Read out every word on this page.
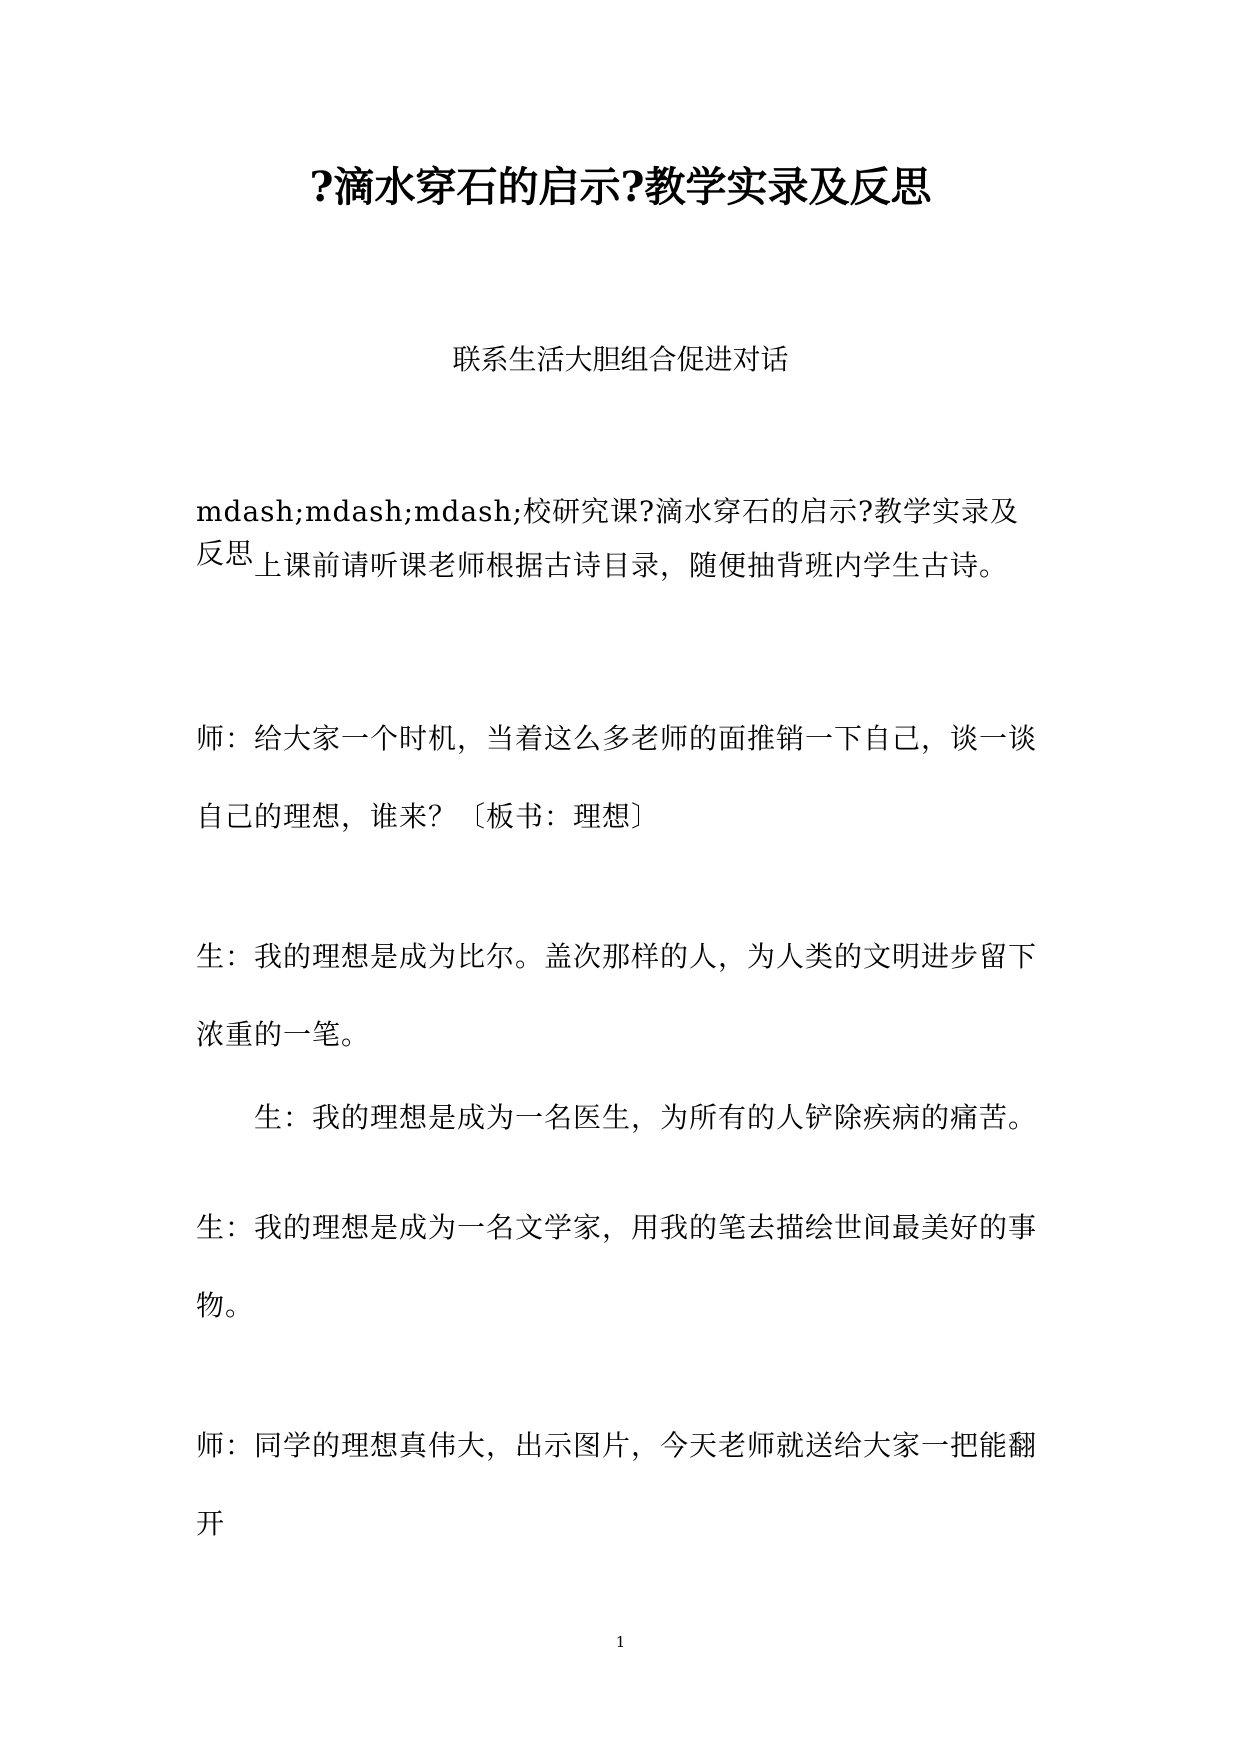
?滴水穿石的启示?教学实录及反思
联系生活大胆组合促进对话
mdash;mdash;mdash;校研究课?滴水穿石的启示?教学实录及反思 上课前请听课老师根据古诗目录，随便抽背班内学生古诗。
师：给大家一个时机，当着这么多老师的面推销一下自己，谈一谈自己的理想，谁来？〔板书：理想〕
生：我的理想是成为比尔。盖次那样的人，为人类的文明进步留下浓重的一笔。
生：我的理想是成为一名医生，为所有的人铲除疾病的痛苦。
生：我的理想是成为一名文学家，用我的笔去描绘世间最美好的事物。
师：同学的理想真伟大，出示图片，今天老师就送给大家一把能翻开
1
